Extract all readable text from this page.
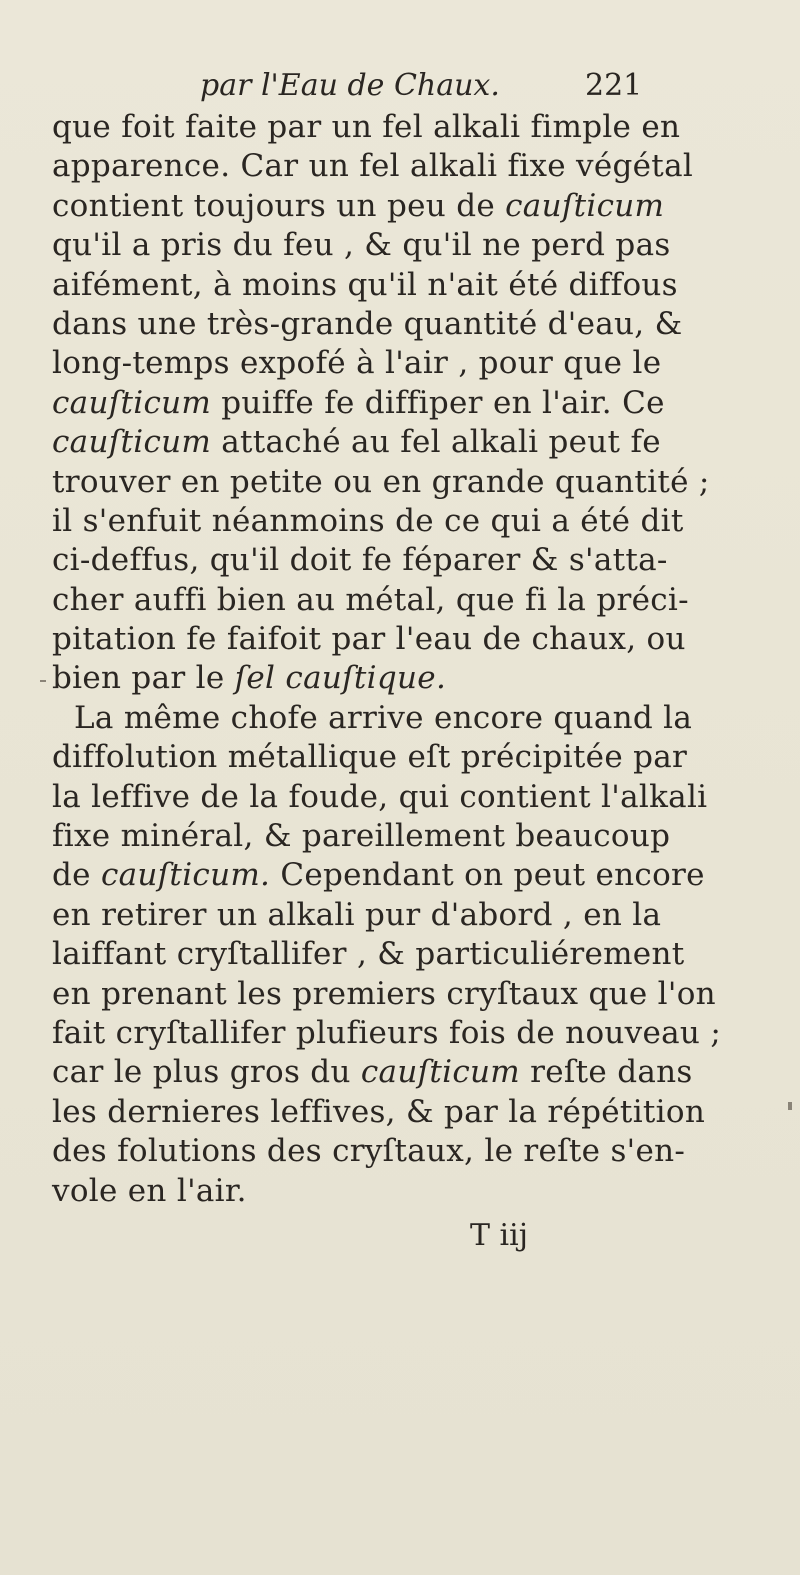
par l'Eau de Chaux.	221
que foit faite par un fel alkali fimple en
apparence. Car un fel alkali fixe végétal
contient toujours un peu de cauſticum
qu'il a pris du feu , & qu'il ne perd pas
aifément, à moins qu'il n'ait été diffous
dans une très-grande quantité d'eau, &
long-temps expofé à l'air , pour que le
cauſticum puiffe fe diffiper en l'air. Ce
cauſticum attaché au fel alkali peut fe
trouver en petite ou en grande quantité ;
il s'enfuit néanmoins de ce qui a été dit
ci-deffus, qu'il doit fe féparer & s'atta-
cher auffi bien au métal, que fi la préci-
pitation fe faifoit par l'eau de chaux, ou
bien par le ſel cauſtique.
La même chofe arrive encore quand la
diffolution métallique eſt précipitée par
la leffive de la foude, qui contient l'alkali
fixe minéral, & pareillement beaucoup
de cauſticum. Cependant on peut encore
en retirer un alkali pur d'abord , en la
laiffant cryſtallifer , & particuliérement
en prenant les premiers cryſtaux que l'on
fait cryſtallifer plufieurs fois de nouveau ;
car le plus gros du cauſticum reſte dans
les dernieres leffives, & par la répétition
des folutions des cryſtaux, le reſte s'en-
vole en l'air.
T iij
